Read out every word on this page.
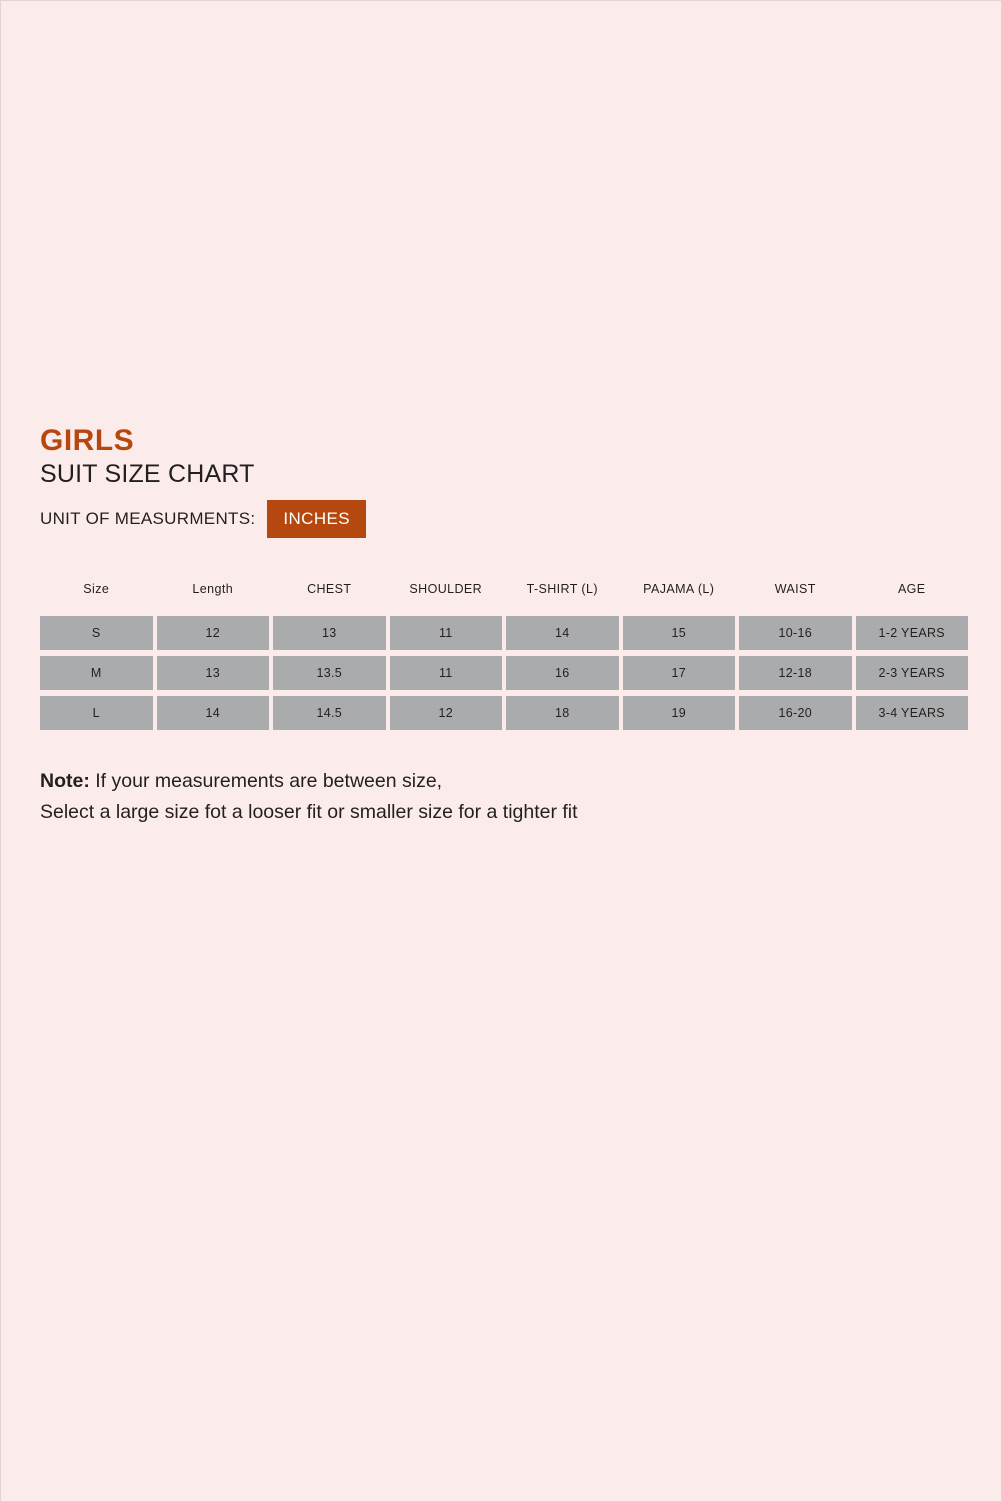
GIRLS
SUIT SIZE CHART
UNIT OF MEASURMENTS:	INCHES
Size	Length	CHEST	SHOULDER	T-SHIRT (L)	PAJAMA (L)	WAIST	AGE
S	12	13	11	14	15	10-16	1-2 YEARS
M	13	13.5	11	16	17	12-18	2-3 YEARS
L	14	14.5	12	18	19	16-20	3-4 YEARS
Note: If your measurements are between size,
Select a large size fot a looser fit or smaller size for a tighter fit
